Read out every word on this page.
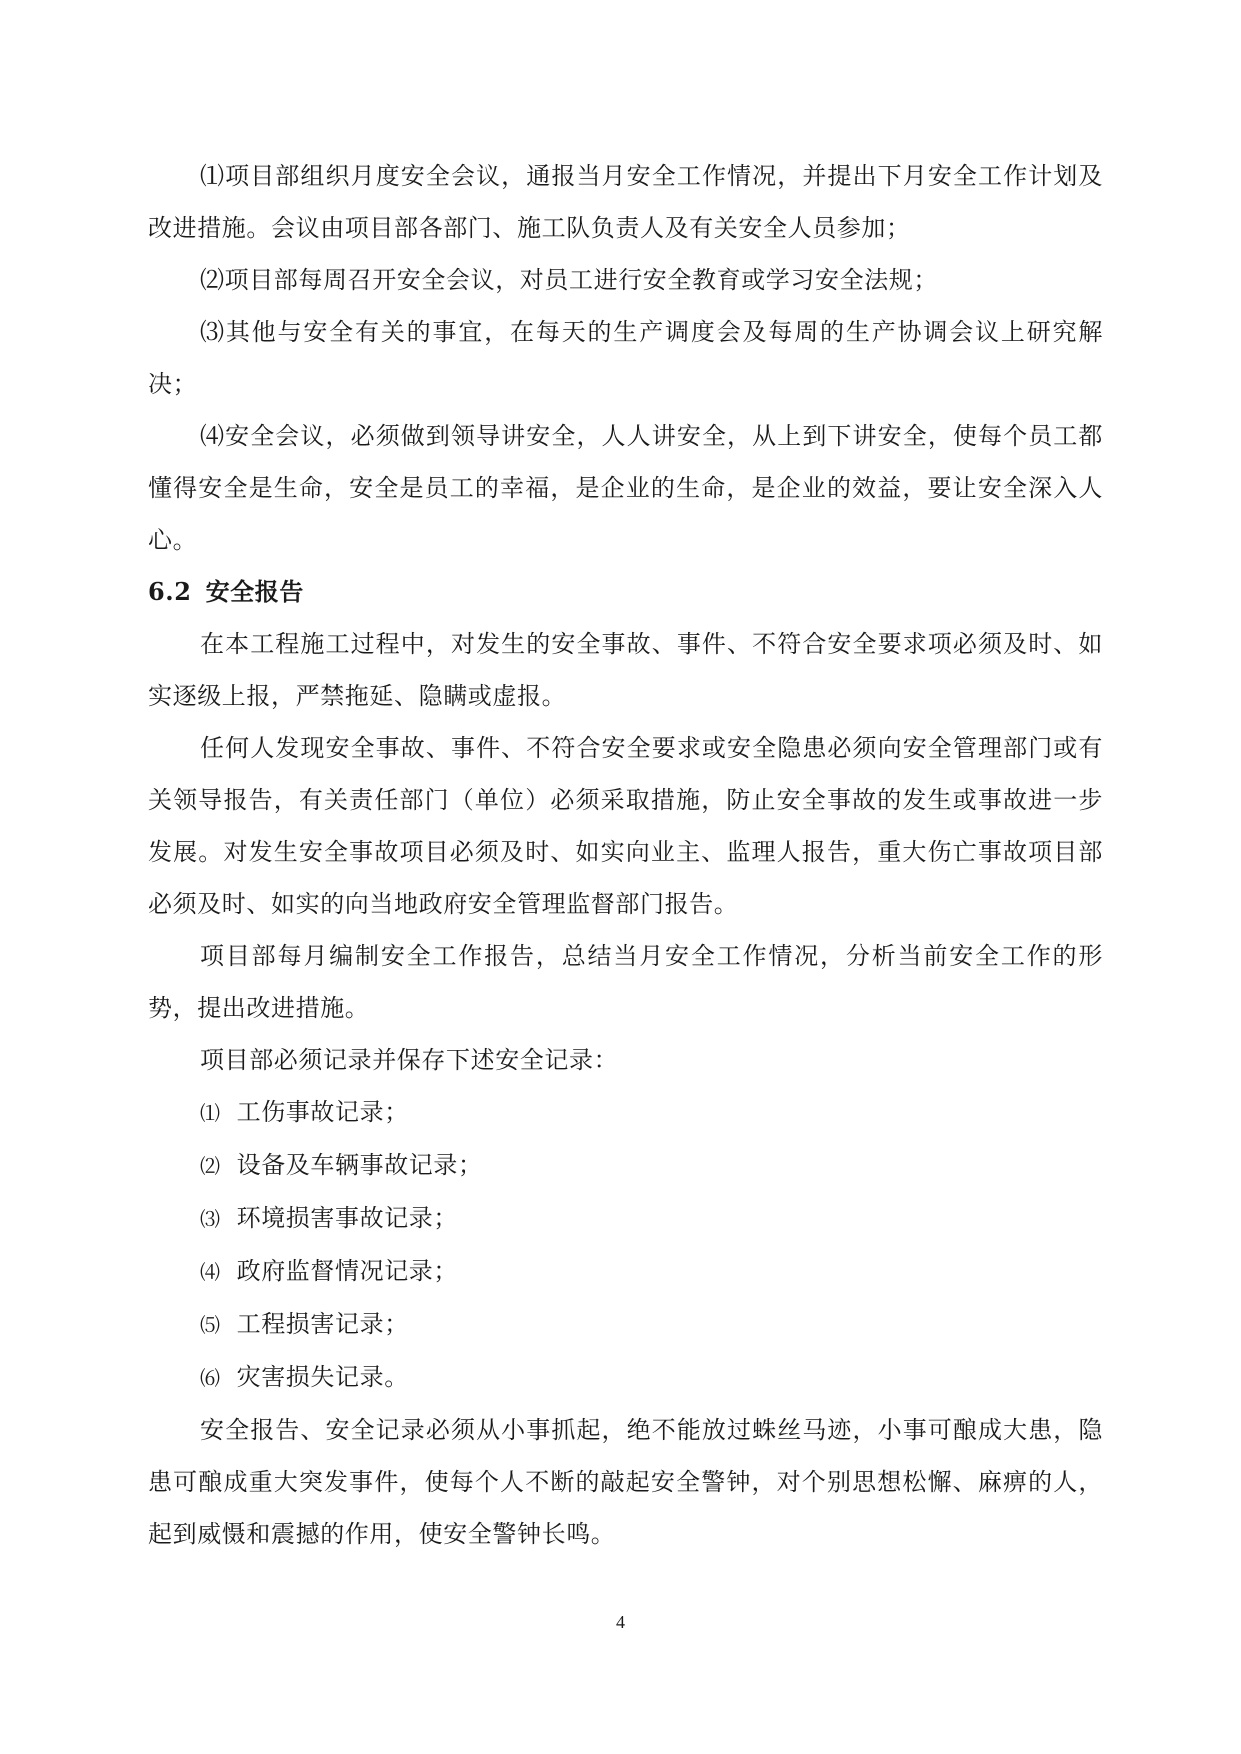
⑴项目部组织月度安全会议，通报当月安全工作情况，并提出下月安全工作计划及改进措施。会议由项目部各部门、施工队负责人及有关安全人员参加；

⑵项目部每周召开安全会议，对员工进行安全教育或学习安全法规；

⑶其他与安全有关的事宜，在每天的生产调度会及每周的生产协调会议上研究解决；

⑷安全会议，必须做到领导讲安全，人人讲安全，从上到下讲安全，使每个员工都懂得安全是生命，安全是员工的幸福，是企业的生命，是企业的效益，要让安全深入人心。

6.2 安全报告

在本工程施工过程中，对发生的安全事故、事件、不符合安全要求项必须及时、如实逐级上报，严禁拖延、隐瞒或虚报。

任何人发现安全事故、事件、不符合安全要求或安全隐患必须向安全管理部门或有关领导报告，有关责任部门（单位）必须采取措施，防止安全事故的发生或事故进一步发展。对发生安全事故项目必须及时、如实向业主、监理人报告，重大伤亡事故项目部必须及时、如实的向当地政府安全管理监督部门报告。

项目部每月编制安全工作报告，总结当月安全工作情况，分析当前安全工作的形势，提出改进措施。

项目部必须记录并保存下述安全记录：

⑴ 工伤事故记录；

⑵ 设备及车辆事故记录；

⑶ 环境损害事故记录；

⑷ 政府监督情况记录；

⑸ 工程损害记录；

⑹ 灾害损失记录。

安全报告、安全记录必须从小事抓起，绝不能放过蛛丝马迹，小事可酿成大患，隐患可酿成重大突发事件，使每个人不断的敲起安全警钟，对个别思想松懈、麻痹的人，起到威慑和震撼的作用，使安全警钟长鸣。

4
